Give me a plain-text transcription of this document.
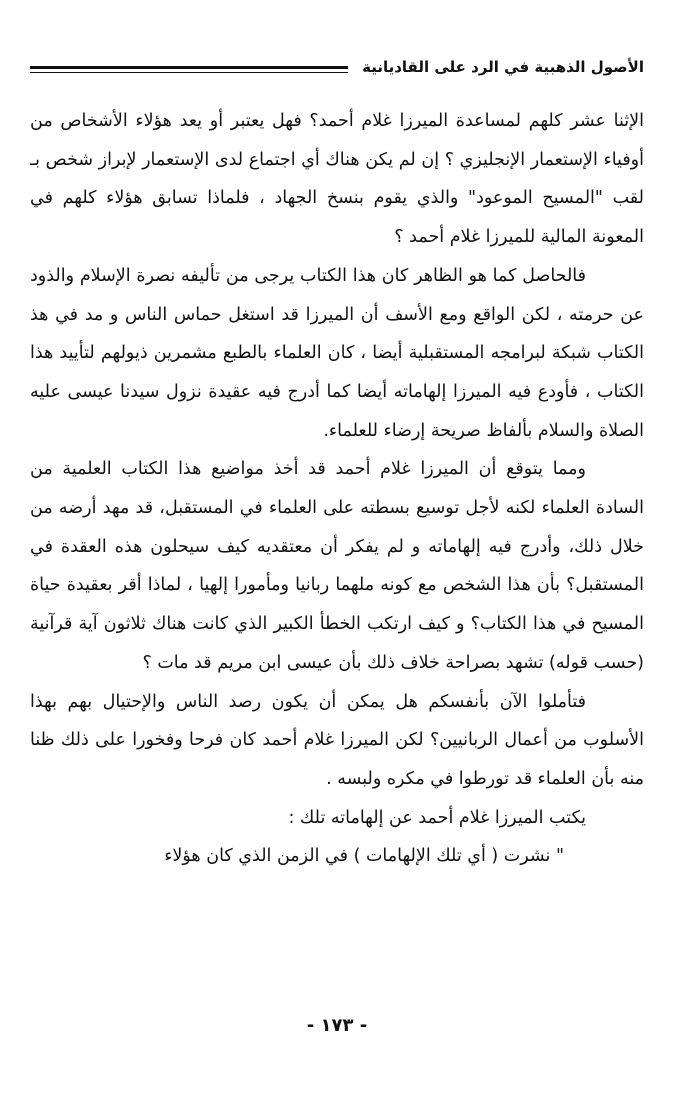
الأصول الذهبية في الرد على القاديانية

الإثنا عشر كلهم لمساعدة الميرزا غلام أحمد؟ فهل يعتبر أو يعد هؤلاء الأشخاص من أوفياء الإستعمار الإنجليزي ؟ إن لم يكن هناك أي اجتماع لدى الإستعمار لإبراز شخص بـ لقب "المسيح الموعود" والذي يقوم بنسخ الجهاد ، فلماذا تسابق هؤلاء كلهم في المعونة المالية للميرزا غلام أحمد ؟

فالحاصل كما هو الظاهر كان هذا الكتاب يرجى من تأليفه نصرة الإسلام والذود عن حرمته ، لكن الواقع ومع الأسف أن الميرزا قد استغل حماس الناس و مد في هذ الكتاب شبكة لبرامجه المستقبلية أيضا ، كان العلماء بالطبع مشمرين ذيولهم لتأييد هذا الكتاب ، فأودع فيه الميرزا إلهاماته أيضا كما أدرج فيه عقيدة نزول سيدنا عيسى عليه الصلاة والسلام بألفاظ صريحة إرضاء للعلماء.

ومما يتوقع أن الميرزا غلام أحمد قد أخذ مواضيع هذا الكتاب العلمية من السادة العلماء لكنه لأجل توسيع بسطته على العلماء في المستقبل، قد مهد أرضه من خلال ذلك، وأدرج فيه إلهاماته و لم يفكر أن معتقديه كيف سيحلون هذه العقدة في المستقبل؟ بأن هذا الشخص مع كونه ملهما ربانيا ومأمورا إلهيا ، لماذا أقر بعقيدة حياة المسيح في هذا الكتاب؟ و كيف ارتكب الخطأ الكبير الذي كانت هناك ثلاثون آية قرآنية (حسب قوله) تشهد بصراحة خلاف ذلك بأن عيسى ابن مريم قد مات ؟

فتأملوا الآن بأنفسكم هل يمكن أن يكون رصد الناس والإحتيال بهم بهذا الأسلوب من أعمال الربانيين؟ لكن الميرزا غلام أحمد كان فرحا وفخورا على ذلك ظنا منه بأن العلماء قد تورطوا في مكره ولبسه .

يكتب الميرزا غلام أحمد عن إلهاماته تلك :

" نشرت ( أي تلك الإلهامات ) في الزمن الذي كان هؤلاء

- ١٧٣ -
